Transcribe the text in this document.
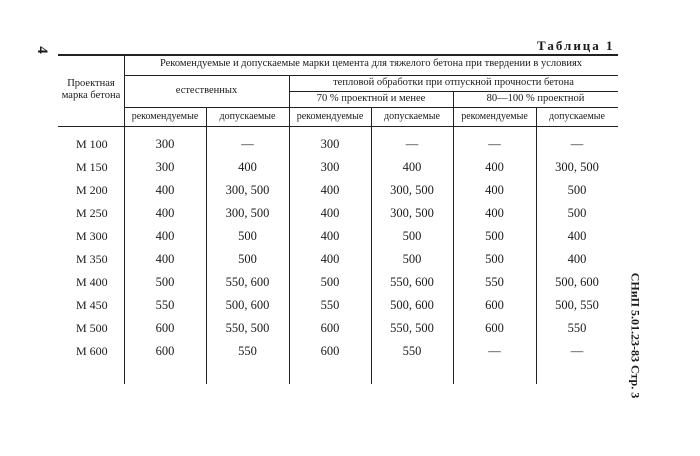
4	Таблица 1
СНиП 5.01.23-83 Стр. 3
Проектная марка бетона
Рекомендуемые и допускаемые марки цемента для тяжелого бетона при твердении в условиях
естественных
тепловой обработки при отпускной прочности бетона
70 % проектной и менее	80—100 % проектной
рекомендуемые	допускаемые	рекомендуемые	допускаемые	рекомендуемые	допускаемые
М 100	300	—	300	—	—	—
М 150	300	400	300	400	400	300, 500
М 200	400	300, 500	400	300, 500	400	500
М 250	400	300, 500	400	300, 500	400	500
М 300	400	500	400	500	500	400
М 350	400	500	400	500	500	400
М 400	500	550, 600	500	550, 600	550	500, 600
М 450	550	500, 600	550	500, 600	600	500, 550
М 500	600	550, 500	600	550, 500	600	550
М 600	600	550	600	550	—	—
